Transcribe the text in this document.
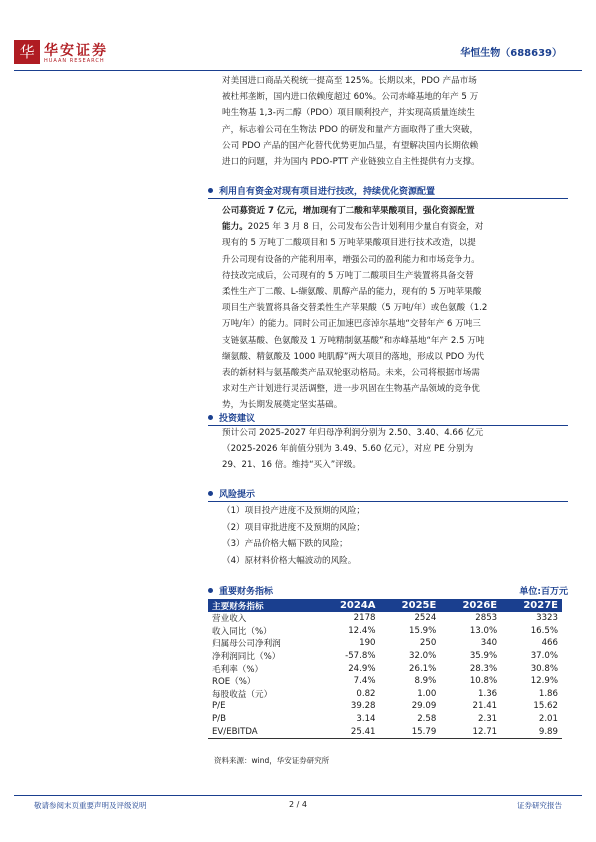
华 华安证券
HUAAN RESEARCH
华恒生物（688639）
对美国进口商品关税统一提高至 125%。长期以来，PDO 产品市场
被杜邦垄断，国内进口依赖度超过 60%。公司赤峰基地的年产 5 万
吨生物基 1,3-丙二醇（PDO）项目顺利投产，并实现高质量连续生
产，标志着公司在生物法 PDO 的研发和量产方面取得了重大突破，
公司 PDO 产品的国产化替代优势更加凸显，有望解决国内长期依赖
进口的问题，并为国内 PDO-PTT 产业链独立自主性提供有力支撑。
利用自有资金对现有项目进行技改，持续优化资源配置
公司募资近 7 亿元，增加现有丁二酸和苹果酸项目，强化资源配置
能力。2025 年 3 月 8 日，公司发布公告计划利用少量自有资金，对
现有的 5 万吨丁二酸项目和 5 万吨苹果酸项目进行技术改造，以提
升公司现有设备的产能利用率，增强公司的盈利能力和市场竞争力。
待技改完成后，公司现有的 5 万吨丁二酸项目生产装置将具备交替
柔性生产丁二酸、L-缬氨酸、肌醇产品的能力，现有的 5 万吨苹果酸
项目生产装置将具备交替柔性生产苹果酸（5 万吨/年）或色氨酸（1.2
万吨/年）的能力。同时公司正加速巴彦淖尔基地“交替年产 6 万吨三
支链氨基酸、色氨酸及 1 万吨精制氨基酸”和赤峰基地“年产 2.5 万吨
缬氨酸、精氨酸及 1000 吨肌醇”两大项目的落地，形成以 PDO 为代
表的新材料与氨基酸类产品双轮驱动格局。未来，公司将根据市场需
求对生产计划进行灵活调整，进一步巩固在生物基产品领域的竞争优
势，为长期发展奠定坚实基础。
投资建议
预计公司 2025-2027 年归母净利润分别为 2.50、3.40、4.66 亿元
（2025-2026 年前值分别为 3.49、5.60 亿元），对应 PE 分别为
29、21、16 倍。维持“买入”评级。
风险提示
（1）项目投产进度不及预期的风险；
（2）项目审批进度不及预期的风险；
（3）产品价格大幅下跌的风险；
（4）原材料价格大幅波动的风险。
重要财务指标	单位:百万元
主要财务指标	2024A	2025E	2026E	2027E
营业收入	2178	2524	2853	3323
收入同比（%）	12.4%	15.9%	13.0%	16.5%
归属母公司净利润	190	250	340	466
净利润同比（%）	-57.8%	32.0%	35.9%	37.0%
毛利率（%）	24.9%	26.1%	28.3%	30.8%
ROE（%）	7.4%	8.9%	10.8%	12.9%
每股收益（元）	0.82	1.00	1.36	1.86
P/E	39.28	29.09	21.41	15.62
P/B	3.14	2.58	2.31	2.01
EV/EBITDA	25.41	15.79	12.71	9.89
资料来源：wind，华安证券研究所
敬请参阅末页重要声明及评级说明	2 / 4	证券研究报告
